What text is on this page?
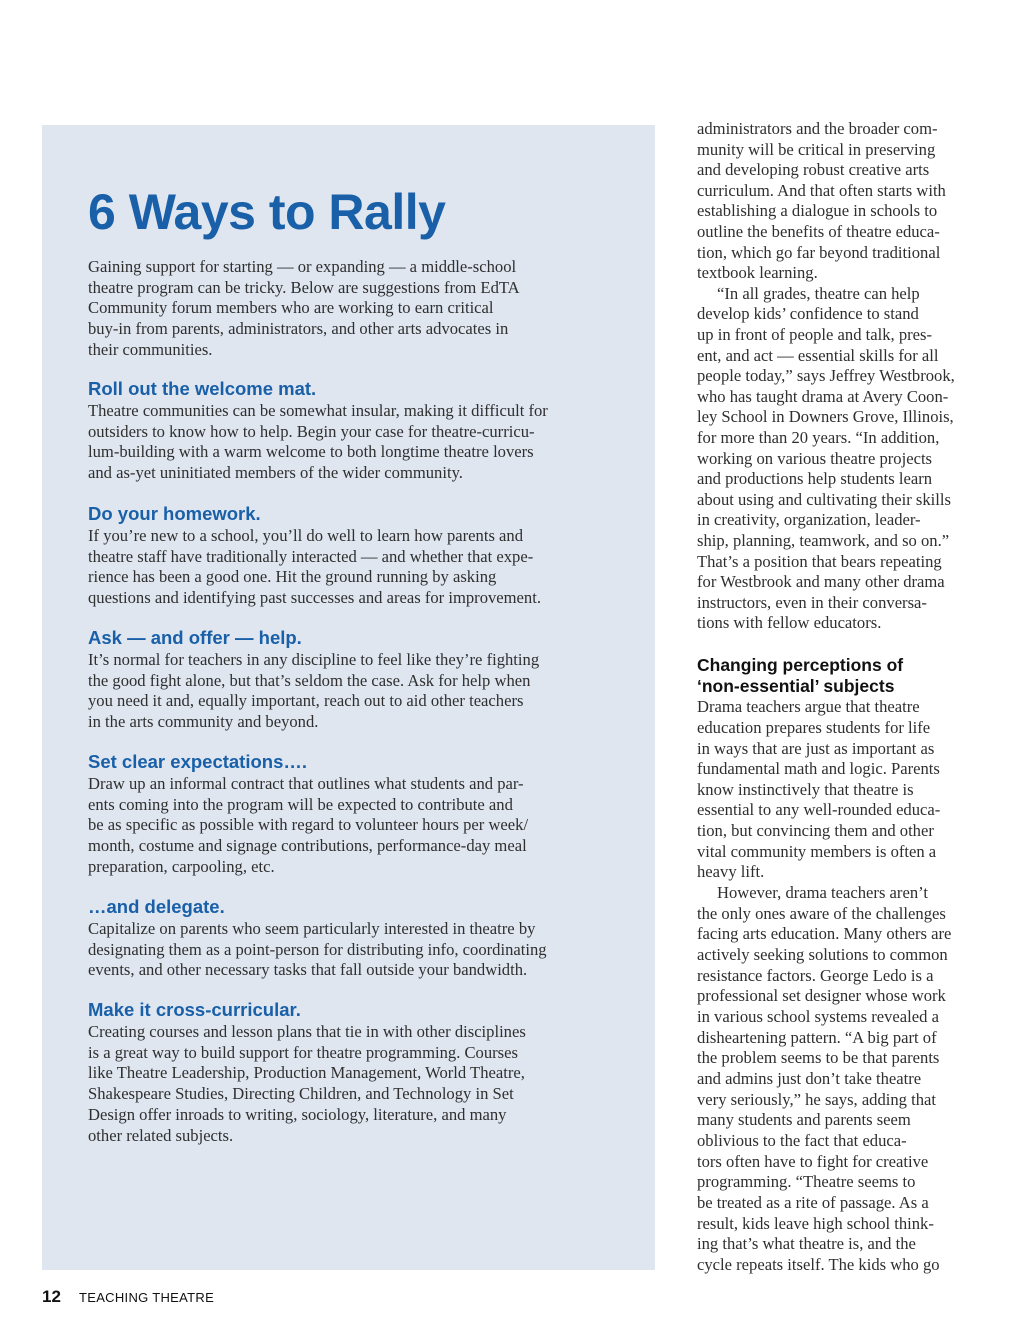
6 Ways to Rally

Gaining support for starting — or expanding — a middle-school
theatre program can be tricky. Below are suggestions from EdTA
Community forum members who are working to earn critical
buy-in from parents, administrators, and other arts advocates in
their communities.

Roll out the welcome mat.

Theatre communities can be somewhat insular, making it difficult for
outsiders to know how to help. Begin your case for theatre-curricu-
lum-building with a warm welcome to both longtime theatre lovers
and as-yet uninitiated members of the wider community.

Do your homework.

If you’re new to a school, you’ll do well to learn how parents and
theatre staff have traditionally interacted — and whether that expe-
rience has been a good one. Hit the ground running by asking
questions and identifying past successes and areas for improvement.

Ask — and offer — help.

It’s normal for teachers in any discipline to feel like they’re fighting
the good fight alone, but that’s seldom the case. Ask for help when
you need it and, equally important, reach out to aid other teachers
in the arts community and beyond.

Set clear expectations….

Draw up an informal contract that outlines what students and par-
ents coming into the program will be expected to contribute and
be as specific as possible with regard to volunteer hours per week/
month, costume and signage contributions, performance-day meal
preparation, carpooling, etc.

…and delegate.

Capitalize on parents who seem particularly interested in theatre by
designating them as a point-person for distributing info, coordinating
events, and other necessary tasks that fall outside your bandwidth.

Make it cross-curricular.

Creating courses and lesson plans that tie in with other disciplines
is a great way to build support for theatre programming. Courses
like Theatre Leadership, Production Management, World Theatre,
Shakespeare Studies, Directing Children, and Technology in Set
Design offer inroads to writing, sociology, literature, and many
other related subjects.

administrators and the broader com-
munity will be critical in preserving
and developing robust creative arts
curriculum. And that often starts with
establishing a dialogue in schools to
outline the benefits of theatre educa-
tion, which go far beyond traditional
textbook learning.
“In all grades, theatre can help
develop kids’ confidence to stand
up in front of people and talk, pres-
ent, and act — essential skills for all
people today,” says Jeffrey Westbrook,
who has taught drama at Avery Coon-
ley School in Downers Grove, Illinois,
for more than 20 years. “In addition,
working on various theatre projects
and productions help students learn
about using and cultivating their skills
in creativity, organization, leader-
ship, planning, teamwork, and so on.”
That’s a position that bears repeating
for Westbrook and many other drama
instructors, even in their conversa-
tions with fellow educators.
Changing perceptions of
‘non-essential’ subjects
Drama teachers argue that theatre
education prepares students for life
in ways that are just as important as
fundamental math and logic. Parents
know instinctively that theatre is
essential to any well-rounded educa-
tion, but convincing them and other
vital community members is often a
heavy lift.
However, drama teachers aren’t
the only ones aware of the challenges
facing arts education. Many others are
actively seeking solutions to common
resistance factors. George Ledo is a
professional set designer whose work
in various school systems revealed a
disheartening pattern. “A big part of
the problem seems to be that parents
and admins just don’t take theatre
very seriously,” he says, adding that
many students and parents seem
oblivious to the fact that educa-
tors often have to fight for creative
programming. “Theatre seems to
be treated as a rite of passage. As a
result, kids leave high school think-
ing that’s what theatre is, and the
cycle repeats itself. The kids who go
12 TEACHING THEATRE
